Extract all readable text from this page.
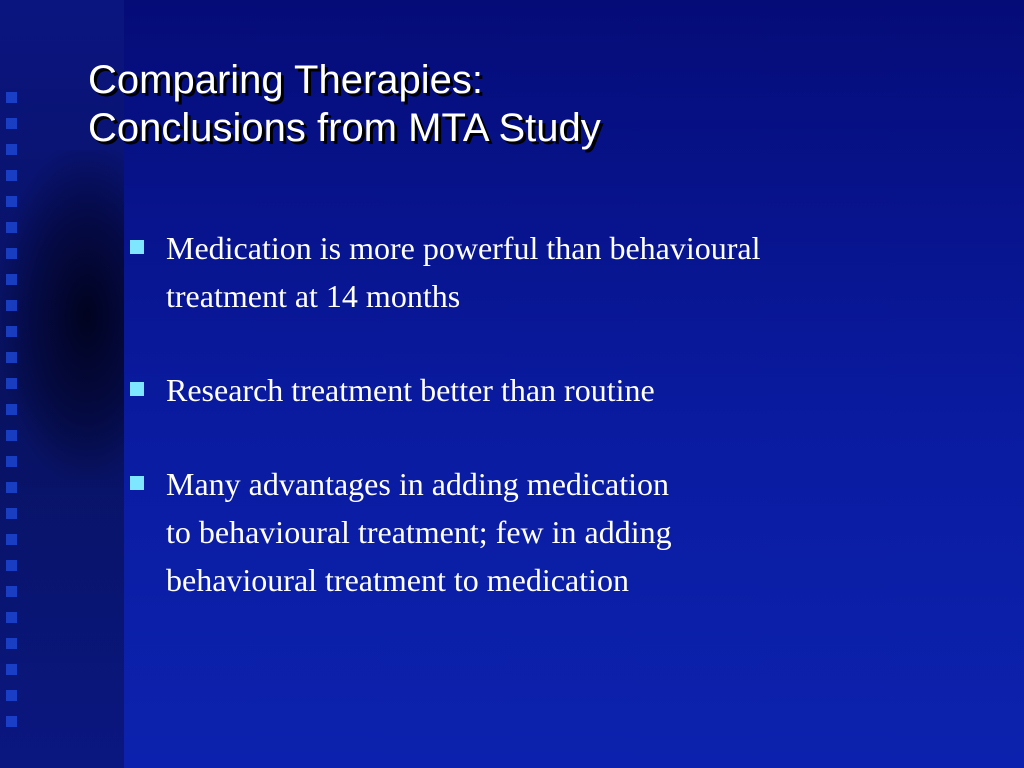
Comparing Therapies:
Conclusions from MTA Study
Medication is more powerful than behavioural
treatment at 14 months
Research treatment better than routine
Many advantages in adding medication
to behavioural treatment; few in adding
behavioural treatment to medication
